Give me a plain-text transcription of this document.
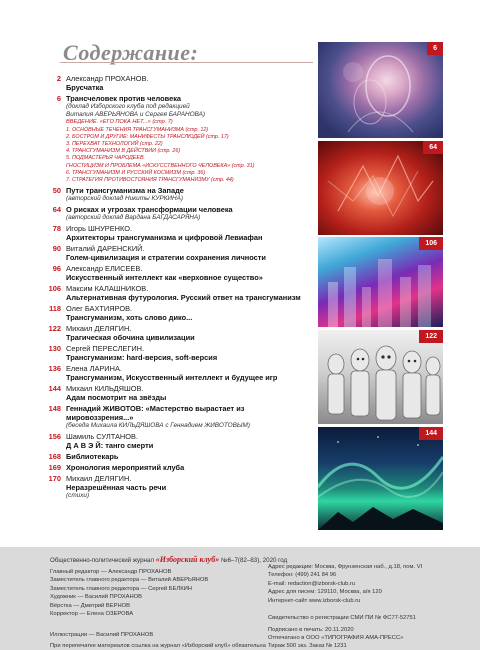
Содержание:
2 Александр ПРОХАНОВ.
Брусчатка
6 Трансчеловек против человека
(доклад Изборского клуба под редакцией
Виталия АВЕРЬЯНОВА и Сергея БАРАНОВА)
ВВЕДЕНИЕ. «ЕГО ПОКА НЕТ...» (стр. 7)
1. ОСНОВНЫЕ ТЕЧЕНИЯ ТРАНСГУМАНИЗМА (стр. 12)
2. БОСТРОМ И ДРУГИЕ: МАНИФЕСТЫ ТРАНСЛЮДЕЙ (стр. 17)
3. ПЕРЕХВАТ ТЕХНОЛОГИЙ (стр. 22)
4. ТРАНСГУМАНИЗМ В ДЕЙСТВИИ (стр. 26)
5. ПОДМАСТЕРЬЯ ЧАРОДЕЕВ.
ГНОСТИЦИЗМ И ПРОБЛЕМА «ИСКУССТВЕННОГО ЧЕЛОВЕКА» (стр. 31)
6. ТРАНСГУМАНИЗМ И РУССКИЙ КОСМИЗМ (стр. 36)
7. СТРАТЕГИЯ ПРОТИВОСТОЯНИЯ ТРАНСГУМАНИЗМУ (стр. 44)
50 Пути трансгуманизма на Западе
(авторский доклад Никиты КУРКИНА)
64 О рисках и угрозах трансформации человека
(авторский доклад Вардана БАГДАСАРЯНА)
78 Игорь ШНУРЕНКО.
Архитекторы трансгуманизма и цифровой Левиафан
90 Виталий ДАРЕНСКИЙ.
Голем-цивилизация и стратегии сохранения личности
96 Александр ЕЛИСЕЕВ.
Искусственный интеллект как «верховное существо»
106 Максим КАЛАШНИКОВ.
Альтернативная футурология. Русский ответ на трансгуманизм
118 Олег БАХТИЯРОВ.
Трансгуманизм, хоть слово дико...
122 Михаил ДЕЛЯГИН.
Трагическая обочина цивилизации
130 Сергей ПЕРЕСЛЕГИН.
Трансгуманизм: hard-версия, soft-версия
136 Елена ЛАРИНА.
Трансгуманизм, Искусственный интеллект и будущее игр
144 Михаил КИЛЬДЯШОВ.
Адам посмотрит на звёзды
148 Геннадий ЖИВОТОВ: «Мастерство вырастает из мировоззрения...»
(беседа Михаила КИЛЬДЯШОВА с Геннадием ЖИВОТОВЫМ)
156 Шамиль СУЛТАНОВ.
Д А В Э Й: танго смерти
168 Библиотекарь
169 Хронология мероприятий клуба
170 Михаил ДЕЛЯГИН.
Неразрешённая часть речи
(стихи)
6
64
106
122
144
Общественно-политический журнал «Изборский клуб» №6–7(82–83), 2020 год
Иллюстрации — Василий ПРОХАНОВ
При перепечатке материалов ссылка на журнал «Изборский клуб» обязательна
Свидетельство о регистрации СМИ ПИ № ФС77-52751
Главный редактор — Александр ПРОХАНОВ
Заместитель главного редактора — Виталий АВЕРЬЯНОВ
Заместитель главного редактора — Сергей БЕЛКИН
Художник — Василий ПРОХАНОВ
Вёрстка — Дмитрий ВЕРНОВ
Корректор — Елена ОЗЕРОВА
Адрес редакции: Москва, Фрунзенская наб., д.18, пом. VI
Телефон: (499) 241 84 96
E-mail: redaction@izborsk-club.ru
Адрес для писем: 129110, Москва, а/я 120
Интернет-сайт www.izborsk-club.ru
Подписано в печать: 20.11.2020
Отпечатано в ООО «ТИПОГРАФИЯ АМА-ПРЕСС»
Тираж 500 экз. Заказ № 1231
